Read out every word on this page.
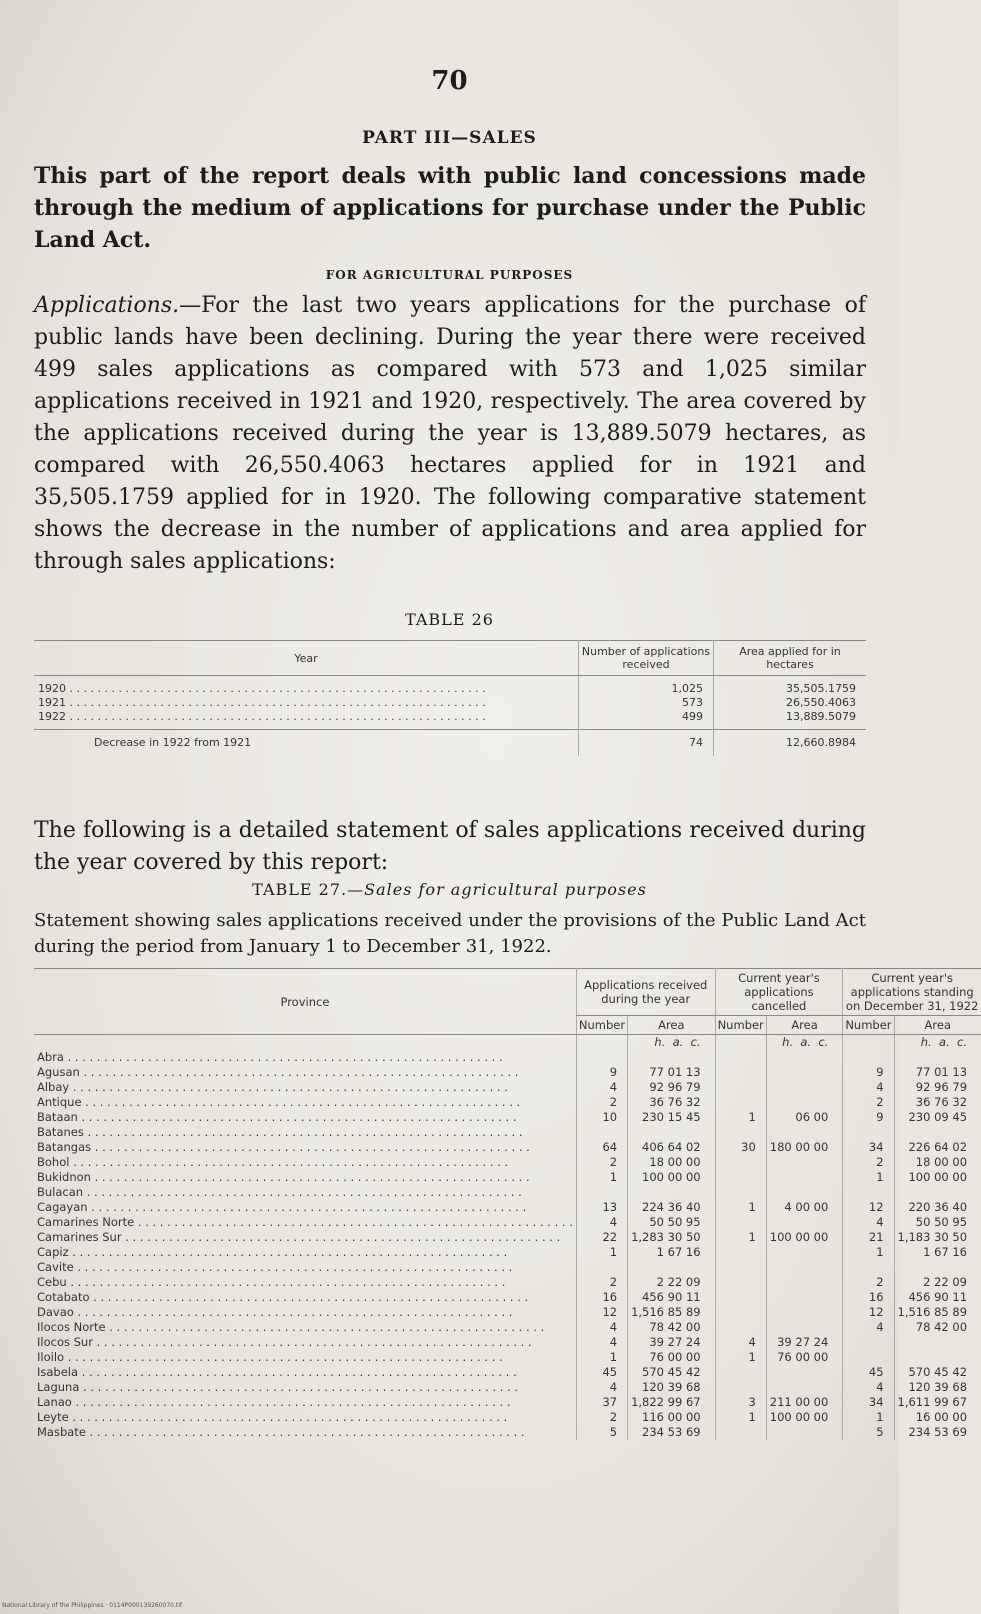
70
PART III—SALES
This part of the report deals with public land concessions made through the medium of applications for purchase under the Public Land Act.
FOR AGRICULTURAL PURPOSES
Applications.—For the last two years applications for the purchase of public lands have been declining. During the year there were received 499 sales applications as compared with 573 and 1,025 similar applications received in 1921 and 1920, respectively. The area covered by the applications received during the year is 13,889.5079 hectares, as compared with 26,550.4063 hectares applied for in 1921 and 35,505.1759 applied for in 1920. The following comparative statement shows the decrease in the number of applications and area applied for through sales applications:
TABLE 26
Year	Number of applications received	Area applied for in hectares

1920 . . . . . . . . . . . . . . . . . . . . . . . . . . . . . . . . . . . . . . . . . . . . . . . . . . . . . . . . . . . .	1,025	35,505.1759
1921 . . . . . . . . . . . . . . . . . . . . . . . . . . . . . . . . . . . . . . . . . . . . . . . . . . . . . . . . . . . .	573	26,550.4063
1922 . . . . . . . . . . . . . . . . . . . . . . . . . . . . . . . . . . . . . . . . . . . . . . . . . . . . . . . . . . . .	499	13,889.5079

Decrease in 1922 from 1921	74	12,660.8984
The following is a detailed statement of sales applications received during the year covered by this report:
TABLE 27.—Sales for agricultural purposes
Statement showing sales applications received under the provisions of the Public Land Act during the period from January 1 to December 31, 1922.
Province	Applications received during the year		Current year's applications cancelled		Current year's applications standing on December 31, 1922	
	Number	Area	Number	Area	Number	Area
		h.  a.  c.		h.  a.  c.		h.  a.  c.
Abra . . . . . . . . . . . . . . . . . . . . . . . . . . . . . . . . . . . . . . . . . . . . . . . . . . . . . . . . . . . .						
Agusan . . . . . . . . . . . . . . . . . . . . . . . . . . . . . . . . . . . . . . . . . . . . . . . . . . . . . . . . . . . .	9	77 01 13			9	77 01 13
Albay . . . . . . . . . . . . . . . . . . . . . . . . . . . . . . . . . . . . . . . . . . . . . . . . . . . . . . . . . . . .	4	92 96 79			4	92 96 79
Antique . . . . . . . . . . . . . . . . . . . . . . . . . . . . . . . . . . . . . . . . . . . . . . . . . . . . . . . . . . . .	2	36 76 32			2	36 76 32
Bataan . . . . . . . . . . . . . . . . . . . . . . . . . . . . . . . . . . . . . . . . . . . . . . . . . . . . . . . . . . . .	10	230 15 45	1	06 00	9	230 09 45
Batanes . . . . . . . . . . . . . . . . . . . . . . . . . . . . . . . . . . . . . . . . . . . . . . . . . . . . . . . . . . . .						
Batangas . . . . . . . . . . . . . . . . . . . . . . . . . . . . . . . . . . . . . . . . . . . . . . . . . . . . . . . . . . . .	64	406 64 02	30	180 00 00	34	226 64 02
Bohol . . . . . . . . . . . . . . . . . . . . . . . . . . . . . . . . . . . . . . . . . . . . . . . . . . . . . . . . . . . .	2	18 00 00			2	18 00 00
Bukidnon . . . . . . . . . . . . . . . . . . . . . . . . . . . . . . . . . . . . . . . . . . . . . . . . . . . . . . . . . . . .	1	100 00 00			1	100 00 00
Bulacan . . . . . . . . . . . . . . . . . . . . . . . . . . . . . . . . . . . . . . . . . . . . . . . . . . . . . . . . . . . .						
Cagayan . . . . . . . . . . . . . . . . . . . . . . . . . . . . . . . . . . . . . . . . . . . . . . . . . . . . . . . . . . . .	13	224 36 40	1	4 00 00	12	220 36 40
Camarines Norte . . . . . . . . . . . . . . . . . . . . . . . . . . . . . . . . . . . . . . . . . . . . . . . . . . . . . . . . . . . .	4	50 50 95			4	50 50 95
Camarines Sur . . . . . . . . . . . . . . . . . . . . . . . . . . . . . . . . . . . . . . . . . . . . . . . . . . . . . . . . . . . .	22	1,283 30 50	1	100 00 00	21	1,183 30 50
Capiz . . . . . . . . . . . . . . . . . . . . . . . . . . . . . . . . . . . . . . . . . . . . . . . . . . . . . . . . . . . .	1	1 67 16			1	1 67 16
Cavite . . . . . . . . . . . . . . . . . . . . . . . . . . . . . . . . . . . . . . . . . . . . . . . . . . . . . . . . . . . .						
Cebu . . . . . . . . . . . . . . . . . . . . . . . . . . . . . . . . . . . . . . . . . . . . . . . . . . . . . . . . . . . .	2	2 22 09			2	2 22 09
Cotabato . . . . . . . . . . . . . . . . . . . . . . . . . . . . . . . . . . . . . . . . . . . . . . . . . . . . . . . . . . . .	16	456 90 11			16	456 90 11
Davao . . . . . . . . . . . . . . . . . . . . . . . . . . . . . . . . . . . . . . . . . . . . . . . . . . . . . . . . . . . .	12	1,516 85 89			12	1,516 85 89
Ilocos Norte . . . . . . . . . . . . . . . . . . . . . . . . . . . . . . . . . . . . . . . . . . . . . . . . . . . . . . . . . . . .	4	78 42 00			4	78 42 00
Ilocos Sur . . . . . . . . . . . . . . . . . . . . . . . . . . . . . . . . . . . . . . . . . . . . . . . . . . . . . . . . . . . .	4	39 27 24	4	39 27 24		
Iloilo . . . . . . . . . . . . . . . . . . . . . . . . . . . . . . . . . . . . . . . . . . . . . . . . . . . . . . . . . . . .	1	76 00 00	1	76 00 00		
Isabela . . . . . . . . . . . . . . . . . . . . . . . . . . . . . . . . . . . . . . . . . . . . . . . . . . . . . . . . . . . .	45	570 45 42			45	570 45 42
Laguna . . . . . . . . . . . . . . . . . . . . . . . . . . . . . . . . . . . . . . . . . . . . . . . . . . . . . . . . . . . .	4	120 39 68			4	120 39 68
Lanao . . . . . . . . . . . . . . . . . . . . . . . . . . . . . . . . . . . . . . . . . . . . . . . . . . . . . . . . . . . .	37	1,822 99 67	3	211 00 00	34	1,611 99 67
Leyte . . . . . . . . . . . . . . . . . . . . . . . . . . . . . . . . . . . . . . . . . . . . . . . . . . . . . . . . . . . .	2	116 00 00	1	100 00 00	1	16 00 00
Masbate . . . . . . . . . . . . . . . . . . . . . . . . . . . . . . . . . . . . . . . . . . . . . . . . . . . . . . . . . . . .	5	234 53 69			5	234 53 69
National Library of the Philippines · 0114P000139260070.tif
